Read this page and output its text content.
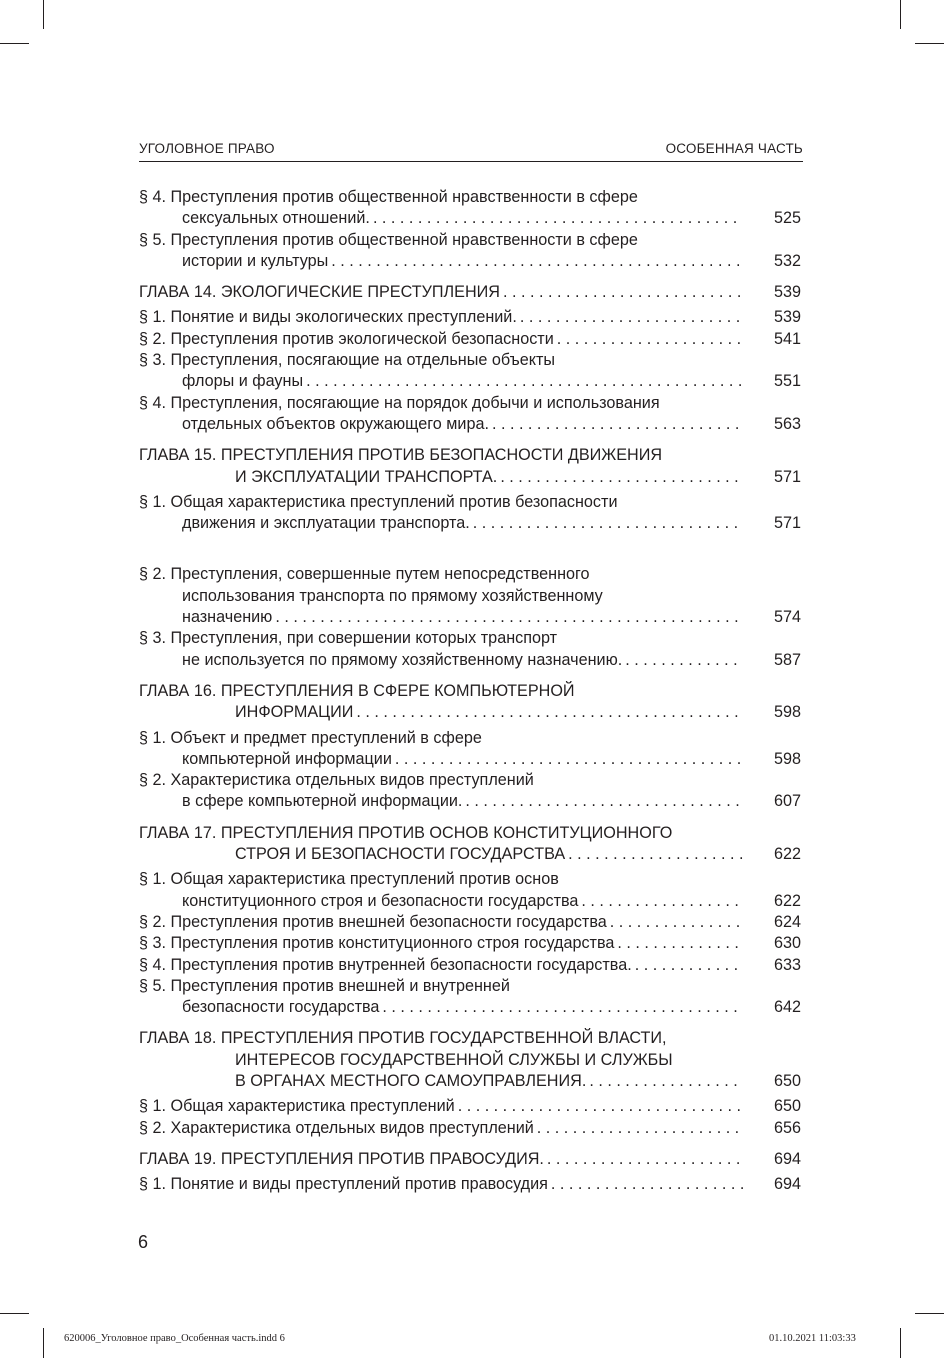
УГОЛОВНОЕ ПРАВО	ОСОБЕННАЯ ЧАСТЬ
§ 4. Преступления против общественной нравственности в сфере
сексуальных отношений. . . .	525
§ 5. Преступления против общественной нравственности в сфере
истории и культуры . . .	532
ГЛАВА 14. ЭКОЛОГИЧЕСКИЕ ПРЕСТУПЛЕНИЯ . . .	539
§ 1. Понятие и виды экологических преступлений. . . .	539
§ 2. Преступления против экологической безопасности . . .	541
§ 3. Преступления, посягающие на отдельные объекты
флоры и фауны . . .	551
§ 4. Преступления, посягающие на порядок добычи и использования
отдельных объектов окружающего мира. . . .	563
ГЛАВА 15. ПРЕСТУПЛЕНИЯ ПРОТИВ БЕЗОПАСНОСТИ ДВИЖЕНИЯ
И ЭКСПЛУАТАЦИИ ТРАНСПОРТА. . . .	571
§ 1. Общая характеристика преступлений против безопасности
движения и эксплуатации транспорта. . . .	571
§ 2. Преступления, совершенные путем непосредственного
использования транспорта по прямому хозяйственному
назначению . . .	574
§ 3. Преступления, при совершении которых транспорт
не используется по прямому хозяйственному назначению. . . .	587
ГЛАВА 16. ПРЕСТУПЛЕНИЯ В СФЕРЕ КОМПЬЮТЕРНОЙ
ИНФОРМАЦИИ . . .	598
§ 1. Объект и предмет преступлений в сфере
компьютерной информации . . .	598
§ 2. Характеристика отдельных видов преступлений
в сфере компьютерной информации. . . .	607
ГЛАВА 17. ПРЕСТУПЛЕНИЯ ПРОТИВ ОСНОВ КОНСТИТУЦИОННОГО
СТРОЯ И БЕЗОПАСНОСТИ ГОСУДАРСТВА . . .	622
§ 1. Общая характеристика преступлений против основ
конституционного строя и безопасности государства . . .	622
§ 2. Преступления против внешней безопасности государства . . .	624
§ 3. Преступления против конституционного строя государства . . .	630
§ 4. Преступления против внутренней безопасности государства. . . .	633
§ 5. Преступления против внешней и внутренней
безопасности государства . . .	642
ГЛАВА 18. ПРЕСТУПЛЕНИЯ ПРОТИВ ГОСУДАРСТВЕННОЙ ВЛАСТИ,
ИНТЕРЕСОВ ГОСУДАРСТВЕННОЙ СЛУЖБЫ И СЛУЖБЫ
В ОРГАНАХ МЕСТНОГО САМОУПРАВЛЕНИЯ. . . .	650
§ 1. Общая характеристика преступлений . . .	650
§ 2. Характеристика отдельных видов преступлений . . .	656
ГЛАВА 19. ПРЕСТУПЛЕНИЯ ПРОТИВ ПРАВОСУДИЯ. . . .	694
§ 1. Понятие и виды преступлений против правосудия . . .	694
6
620006_Уголовное право_Особенная часть.indd 6	01.10.2021 11:03:33
